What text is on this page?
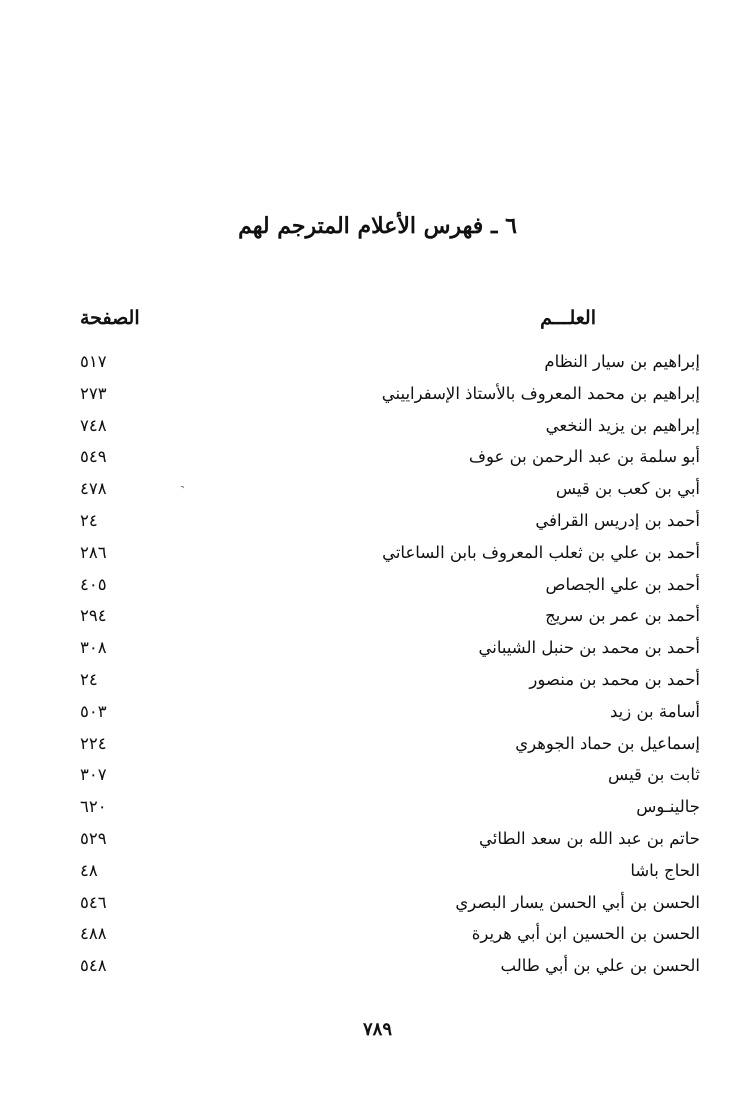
٦ ـ فهرس الأعلام المترجم لهم
العلـــم
الصفحة
إبراهيم بن سيار النظام
٥١٧
إبراهيم بن محمد المعروف بالأستاذ الإسفراييني
٢٧٣
إبراهيم بن يزيد النخعي
٧٤٨
أبو سلمة بن عبد الرحمن بن عوف
٥٤٩
أبي بن كعب بن قيس
٤٧٨
أحمد بن إدريس القرافي
٢٤
أحمد بن علي بن ثعلب المعروف بابن الساعاتي
٢٨٦
أحمد بن علي الجصاص
٤٠٥
أحمد بن عمر بن سريج
٢٩٤
أحمد بن محمد بن حنبل الشيباني
٣٠٨
أحمد بن محمد بن منصور
٢٤
أسامة بن زيد
٥٠٣
إسماعيل بن حماد الجوهري
٢٢٤
ثابت بن قيس
٣٠٧
جالينـوس
٦٢٠
حاتم بن عبد الله بن سعد الطائي
٥٢٩
الحاج باشا
٤٨
الحسن بن أبي الحسن يسار البصري
٥٤٦
الحسن بن الحسين ابن أبي هريرة
٤٨٨
الحسن بن علي بن أبي طالب
٥٤٨
٧٨٩
